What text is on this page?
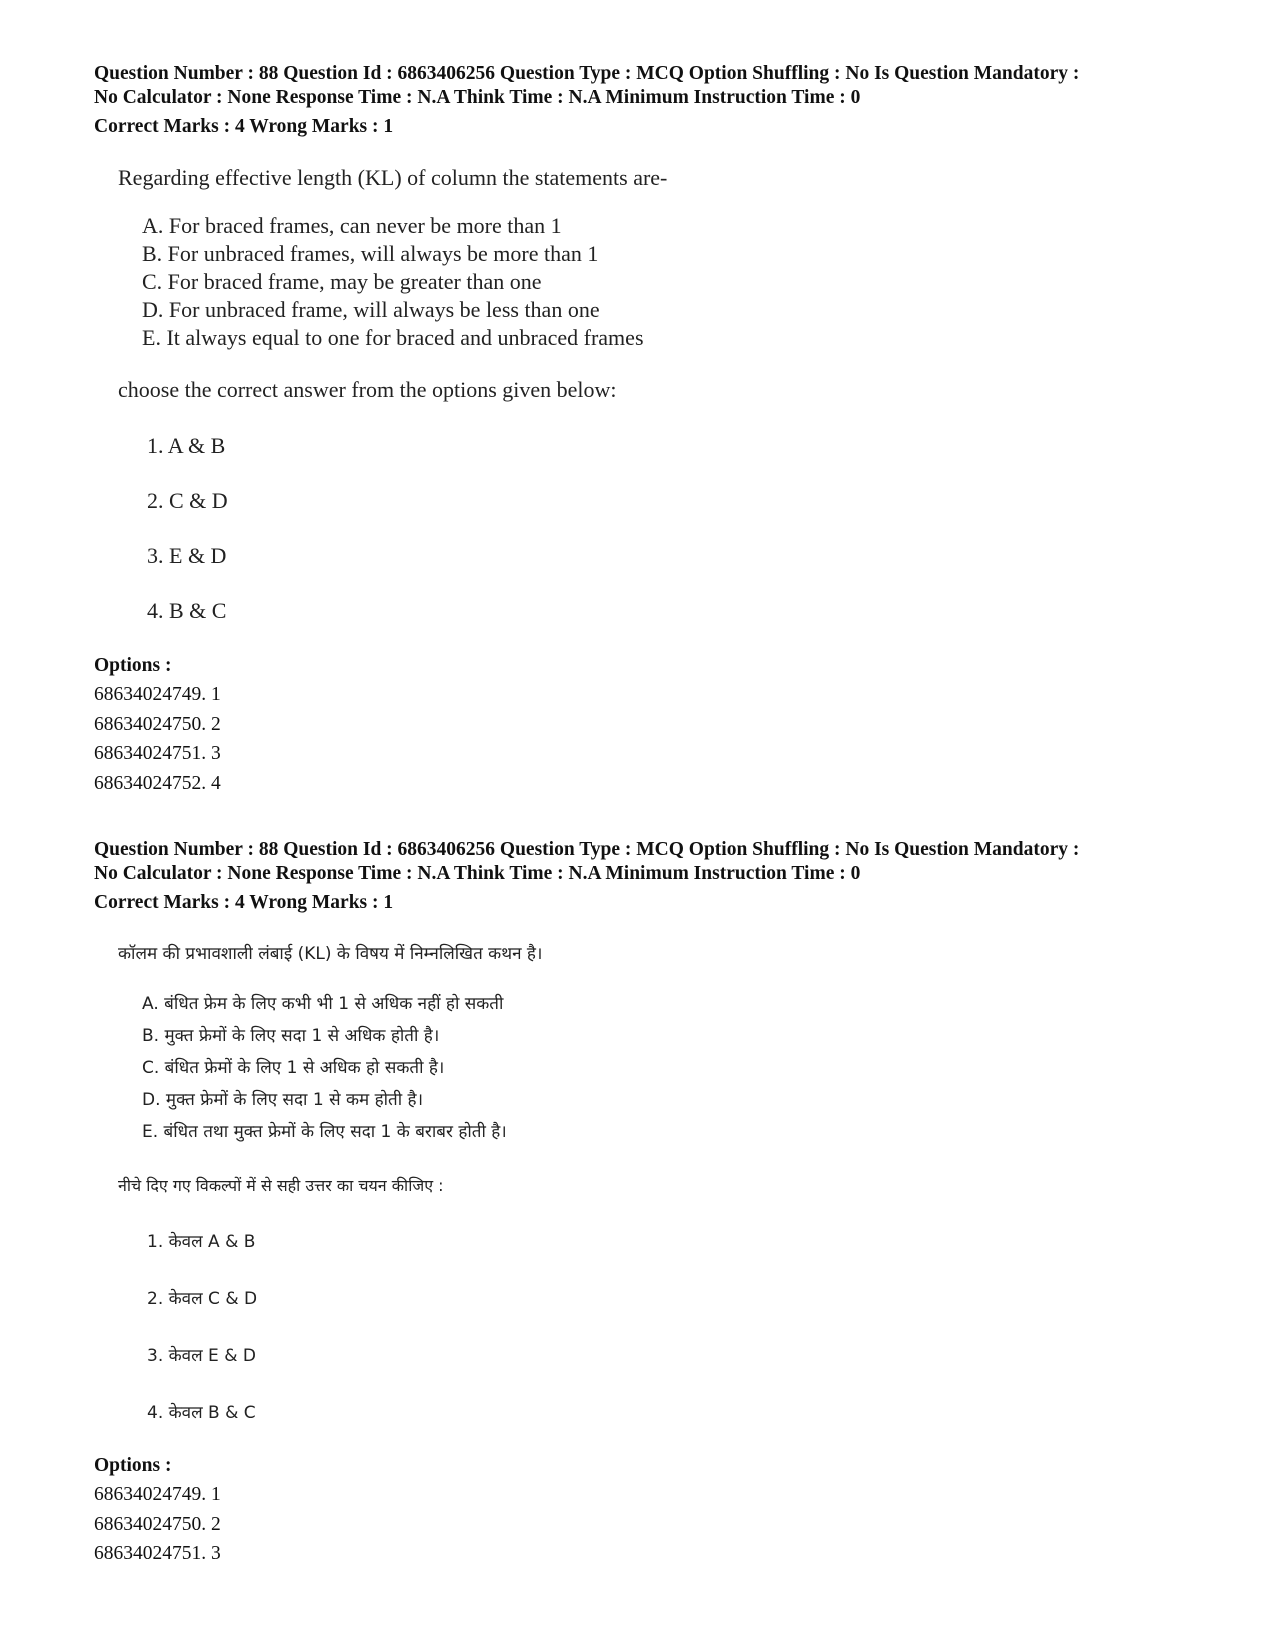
Question Number : 88 Question Id : 6863406256 Question Type : MCQ Option Shuffling : No Is Question Mandatory :
No Calculator : None Response Time : N.A Think Time : N.A Minimum Instruction Time : 0
Correct Marks : 4 Wrong Marks : 1
Regarding effective length (KL) of column the statements are-
A. For braced frames, can never be more than 1
B. For unbraced frames, will always be more than 1
C. For braced frame, may be greater than one
D. For unbraced frame, will always be less than one
E. It always equal to one for braced and unbraced frames
choose the correct answer from the options given below:
1. A & B
2. C & D
3. E & D
4. B & C
Options :
68634024749. 1
68634024750. 2
68634024751. 3
68634024752. 4
Question Number : 88 Question Id : 6863406256 Question Type : MCQ Option Shuffling : No Is Question Mandatory :
No Calculator : None Response Time : N.A Think Time : N.A Minimum Instruction Time : 0
Correct Marks : 4 Wrong Marks : 1
कॉलम की प्रभावशाली लंबाई (KL) के विषय में निम्नलिखित कथन है।
A. बंधित फ्रेम के लिए कभी भी 1 से अधिक नहीं हो सकती
B. मुक्त फ्रेमों के लिए सदा 1 से अधिक होती है।
C. बंधित फ्रेमों के लिए 1 से अधिक हो सकती है।
D. मुक्त फ्रेमों के लिए सदा 1 से कम होती है।
E. बंधित तथा मुक्त फ्रेमों के लिए सदा 1 के बराबर होती है।
नीचे दिए गए विकल्पों में से सही उत्तर का चयन कीजिए :
1. केवल A & B
2. केवल C & D
3. केवल E & D
4. केवल B & C
Options :
68634024749. 1
68634024750. 2
68634024751. 3
